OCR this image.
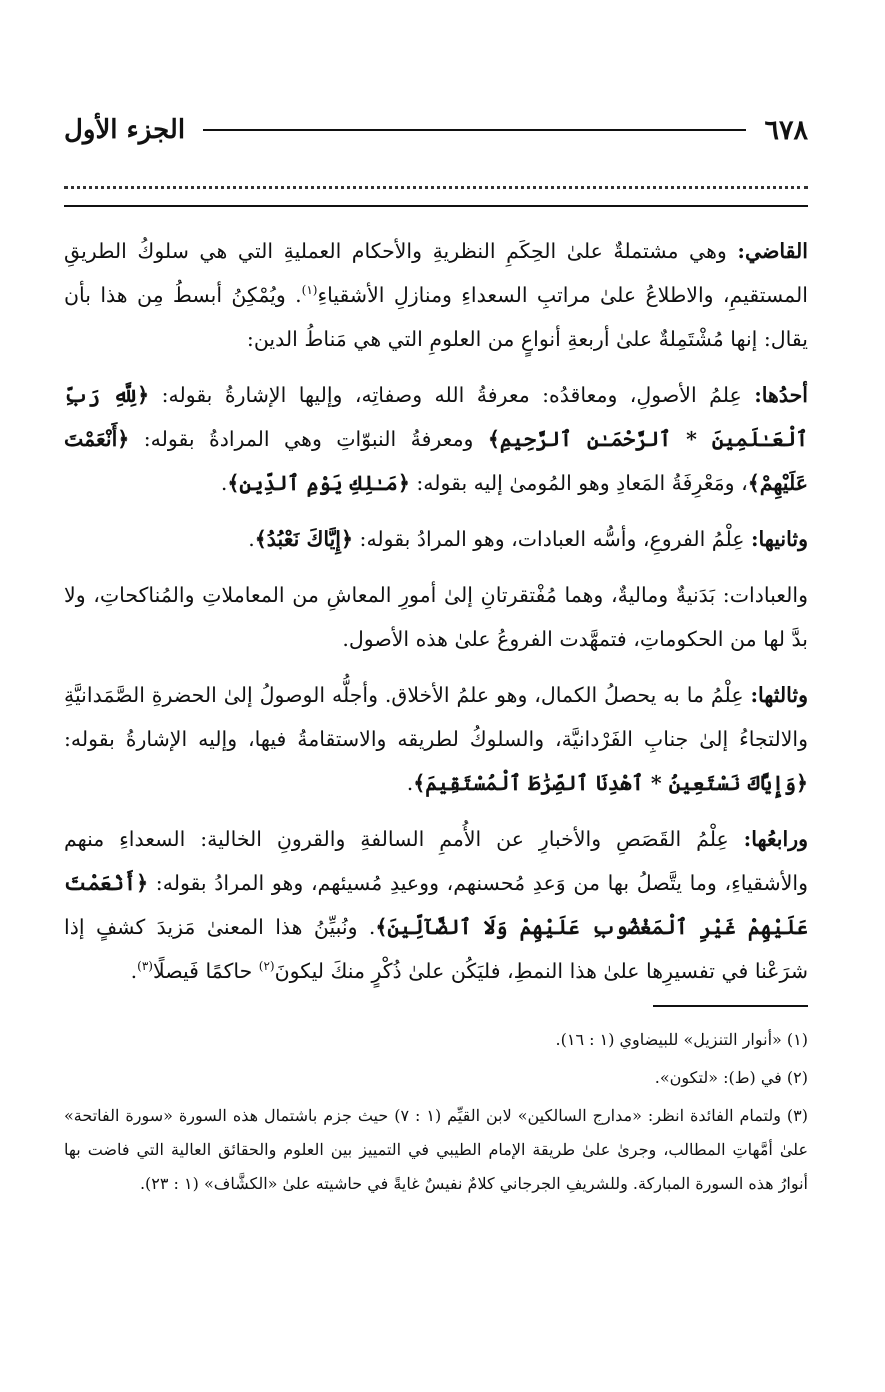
٦٧٨
الجزء الأول

القاضي: وهي مشتملةٌ علىٰ الحِكَمِ النظريةِ والأحكام العمليةِ التي هي سلوكُ الطريقِ المستقيمِ، والاطلاعُ علىٰ مراتبِ السعداءِ ومنازلِ الأشقياءِ$^{(١)}$. ويُمْكِنُ أبسطُ مِن هذا بأن يقال: إنها مُشْتَمِلةٌ علىٰ أربعةِ أنواعٍ من العلومِ التي هي مَناطُ الدين:

أحدُها: عِلمُ الأصولِ، ومعاقدُه: معرفةُ الله وصفاتِه، وإليها الإشارةُ بقوله: ﴿لِلَّهِ رَبِّ ٱلْعَـٰلَمِينَ * ٱلرَّحْمَـٰنِ ٱلرَّحِيمِ﴾ ومعرفةُ النبوّاتِ وهي المرادةُ بقوله: ﴿أَنْعَمْتَ عَلَيْهِمْ﴾، ومَعْرِفَةُ المَعادِ وهو المُومىٰ إليه بقوله: ﴿مَـٰلِكِ يَوْمِ ٱلدِّينِ﴾.

وثانيها: عِلْمُ الفروعِ، وأسُّه العبادات، وهو المرادُ بقوله: ﴿إِيَّاكَ نَعْبُدُ﴾.

والعبادات: بَدَنيةٌ وماليةٌ، وهما مُفْتقرتانِ إلىٰ أمورِ المعاشِ من المعاملاتِ والمُناكحاتِ، ولا بدَّ لها من الحكوماتِ، فتمهَّدت الفروعُ علىٰ هذه الأصول.

وثالثها: عِلْمُ ما به يحصلُ الكمال، وهو علمُ الأخلاق. وأجلُّه الوصولُ إلىٰ الحضرةِ الصَّمَدانيَّةِ والالتجاءُ إلىٰ جنابِ الفَرْدانيَّة، والسلوكُ لطريقه والاستقامةُ فيها، وإليه الإشارةُ بقوله: ﴿وَإِيَّاكَ نَسْتَعِينُ * ٱهْدِنَا ٱلصِّرَٰطَ ٱلْمُسْتَقِيمَ﴾.

ورابعُها: عِلْمُ القَصَصِ والأخبارِ عن الأُممِ السالفةِ والقرونِ الخالية: السعداءِ منهم والأشقياءِ، وما يتَّصلُ بها من وَعدِ مُحسنهم، ووعيدِ مُسيئهم، وهو المرادُ بقوله: ﴿أَنْعَمْتَ عَلَيْهِمْ غَيْرِ ٱلْمَغْضُوبِ عَلَيْهِمْ وَلَا ٱلضَّآلِّينَ﴾. ونُبيِّنُ هذا المعنىٰ مَزيدَ كشفٍ إذا شرَعْنا في تفسيرِها علىٰ هذا النمطِ، فليَكُن علىٰ ذُكْرٍ منكَ ليكونَ$^{(٢)}$ حاكمًا فَيصلًا$^{(٣)}$.

(١) «أنوار التنزيل» للبيضاوي (١ : ١٦).

(٢) في (ط): «لتكون».

(٣) ولتمام الفائدة انظر: «مدارج السالكين» لابن القيِّم (١ : ٧) حيث جزم باشتمال هذه السورة «سورة الفاتحة» علىٰ أمَّهاتِ المطالب، وجرىٰ علىٰ طريقة الإمام الطيبي في التمييز بين العلوم والحقائق العالية التي فاضت بها أنوارُ هذه السورة المباركة. وللشريفِ الجرجاني كلامٌ نفيسٌ غايةً في حاشيته علىٰ «الكشَّاف» (١ : ٢٣).
